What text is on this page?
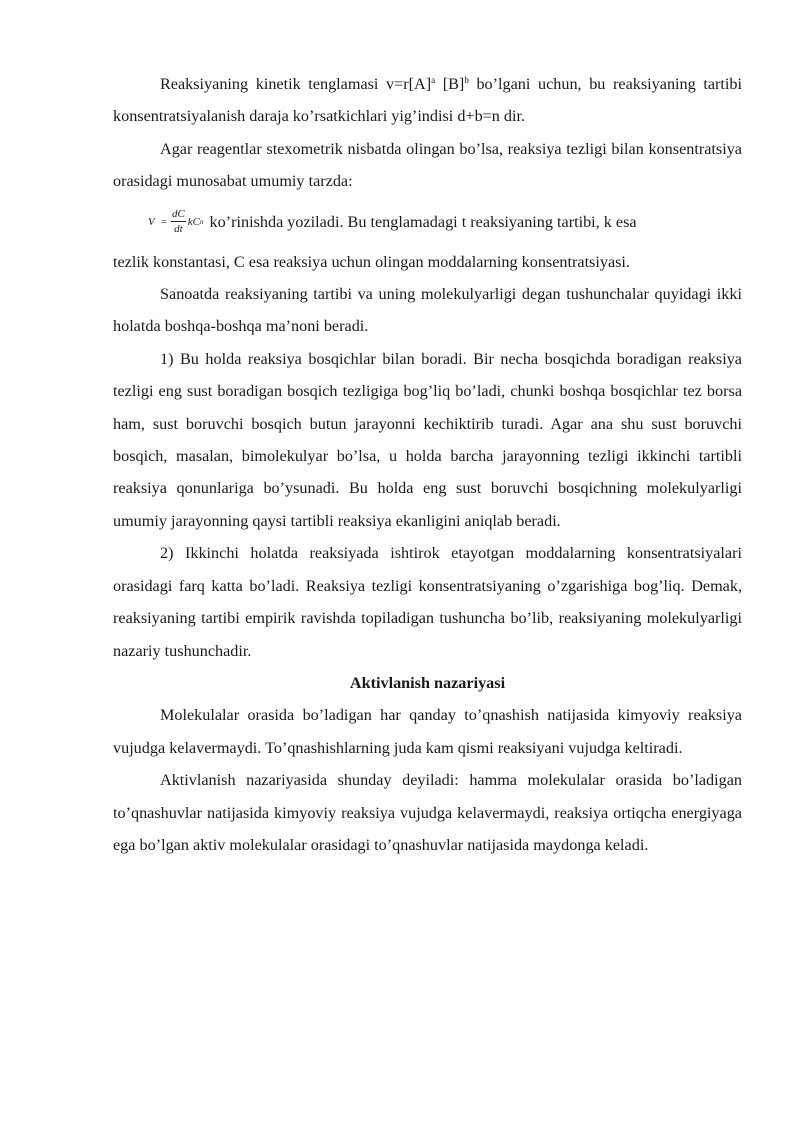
Reaksiyaning kinetik tenglamasi $v=r[A]^a$ $[B]^b$ bo’lgani uchun, bu reaksiyaning tartibi konsentratsiyalanish daraja ko’rsatkichlari yig’indisi d+b=n dir.

Agar reagentlar stexometrik nisbatda olingan bo’lsa, reaksiya tezligi bilan konsentratsiya orasidagi munosabat umumiy tarzda:

$V = \frac{dC}{dt}$ kC n ko’rinishda yoziladi. Bu tenglamadagi t reaksiyaning tartibi, k esa

tezlik konstantasi, C esa reaksiya uchun olingan moddalarning konsentratsiyasi.

Sanoatda reaksiyaning tartibi va uning molekulyarligi degan tushunchalar quyidagi ikki holatda boshqa-boshqa ma’noni beradi.

1) Bu holda reaksiya bosqichlar bilan boradi. Bir necha bosqichda boradigan reaksiya tezligi eng sust boradigan bosqich tezligiga bog’liq bo’ladi, chunki boshqa bosqichlar tez borsa ham, sust boruvchi bosqich butun jarayonni kechiktirib turadi. Agar ana shu sust boruvchi bosqich, masalan, bimolekulyar bo’lsa, u holda barcha jarayonning tezligi ikkinchi tartibli reaksiya qonunlariga bo’ysunadi. Bu holda eng sust boruvchi bosqichning molekulyarligi umumiy jarayonning qaysi tartibli reaksiya ekanligini aniqlab beradi.

2) Ikkinchi holatda reaksiyada ishtirok etayotgan moddalarning konsentratsiyalari orasidagi farq katta bo’ladi. Reaksiya tezligi konsentratsiyaning o’zgarishiga bog’liq. Demak, reaksiyaning tartibi empirik ravishda topiladigan tushuncha bo’lib, reaksiyaning molekulyarligi nazariy tushunchadir.

Aktivlanish nazariyasi

Molekulalar orasida bo’ladigan har qanday to’qnashish natijasida kimyoviy reaksiya vujudga kelavermaydi. To’qnashishlarning juda kam qismi reaksiyani vujudga keltiradi.

Aktivlanish nazariyasida shunday deyiladi: hamma molekulalar orasida bo’ladigan to’qnashuvlar natijasida kimyoviy reaksiya vujudga kelavermaydi, reaksiya ortiqcha energiyaga ega bo’lgan aktiv molekulalar orasidagi to’qnashuvlar natijasida maydonga keladi.
